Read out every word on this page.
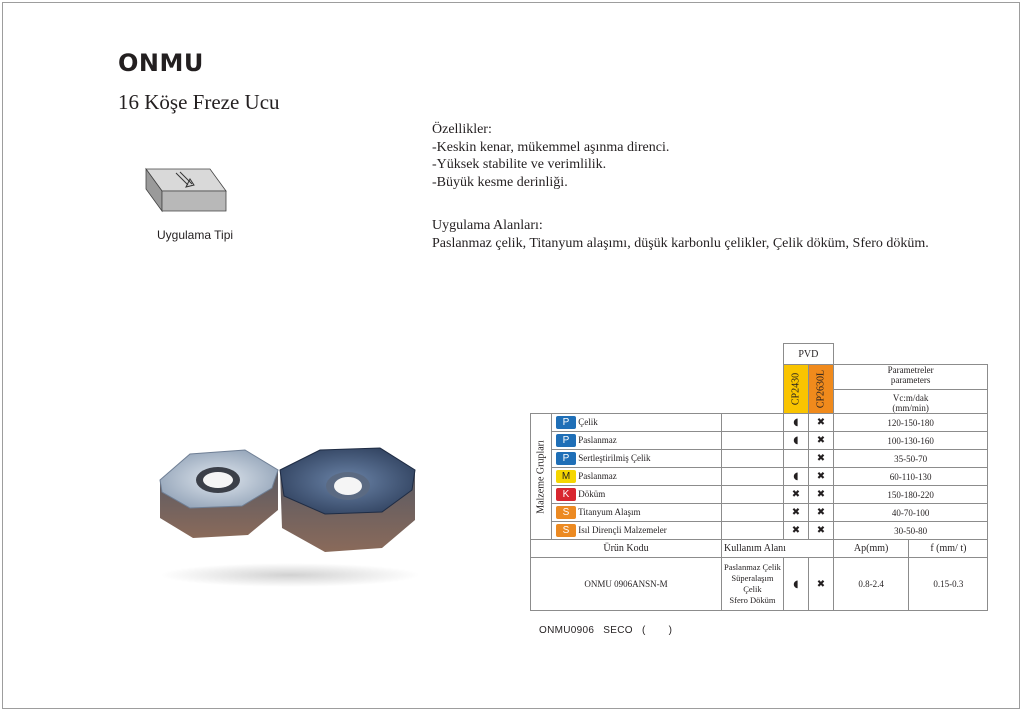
ONMU
16 Köşe Freze Ucu
Özellikler:
-Keskin kenar, mükemmel aşınma direnci.
-Yüksek stabilite ve verimlilik.
-Büyük kesme derinliği.
Uygulama Alanları:
Paslanmaz çelik, Titanyum alaşımı, düşük karbonlu çelikler, Çelik döküm, Sfero döküm.
Uygulama Tipi
			PVD			

			CP2430	CP2630L	Parametreler
parameters
Vc:m/dak
(mm/min)	

Malzeme Grupları	P Çelik		◖	✖	120-150-180	
	P Paslanmaz		◖	✖	100-130-160	
	P Sertleştirilmiş Çelik			✖	35-50-70	
	M Paslanmaz		◖	✖	60-110-130	
	K Döküm		✖	✖	150-180-220	
	S Titanyum Alaşım		✖	✖	40-70-100	
	S Isıl Dirençli Malzemeler		✖	✖	30-50-80	
Ürün Kodu		Kullanım Alanı			Ap(mm)	f (mm/ t)
ONMU 0906ANSN-M		Paslanmaz Çelik
Süperalaşım
Çelik
Sfero Döküm	◖	✖	0.8-2.4	0.15-0.3
ONMU0906 SECO ( )
